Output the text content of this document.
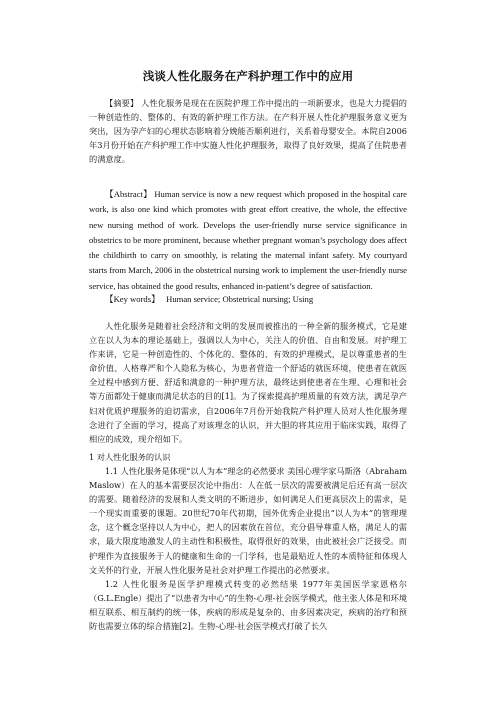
浅谈人性化服务在产科护理工作中的应用

【摘要】 人性化服务是现在在医院护理工作中提出的一项新要求，也是大力提倡的一种创造性的、整体的、有效的新护理工作方法。在产科开展人性化护理服务意义更为突出，因为孕产妇的心理状态影响着分娩能否顺利进行，关系着母婴安全。本院自2006年3月份开始在产科护理工作中实施人性化护理服务，取得了良好效果，提高了住院患者的满意度。

【Abstract】 Human service is now a new request which proposed in the hospital care work, is also one kind which promotes with great effort creative, the whole, the effective new nursing method of work. Develops the user-friendly nurse service significance in obstetrics to be more prominent, because whether pregnant woman’s psychology does affect the childbirth to carry on smoothly, is relating the maternal infant safety. My courtyard starts from March, 2006 in the obstetrical nursing work to implement the user-friendly nurse service, has obtained the good results, enhanced in-patient’s degree of satisfaction.

【Key words】 Human service; Obstetrical nursing; Using

人性化服务是随着社会经济和文明的发展而被推出的一种全新的服务模式，它是建立在以人为本的理论基础上，强调以人为中心，关注人的价值、自由和发展。对护理工作来讲，它是一种创造性的、个体化的、整体的、有效的护理模式，是以尊重患者的生命价值、人格尊严和个人隐私为核心，为患者营造一个舒适的就医环境，使患者在就医全过程中感到方便、舒适和满意的一种护理方法，最终达到使患者在生理、心理和社会等方面都处于健康而满足状态的目的[1]。为了探索提高护理质量的有效方法，满足孕产妇对优质护理服务的迫切需求，自2006年7月份开始我院产科护理人员对人性化服务理念进行了全面的学习，提高了对该理念的认识，并大胆的将其应用于临床实践，取得了相应的成效，现介绍如下。

1 对人性化服务的认识

1.1 人性化服务是体现“以人为本”理念的必然要求 美国心理学家马斯洛（Abraham Maslow）在人的基本需要层次论中指出：人在低一层次的需要被满足后还有高一层次的需要。随着经济的发展和人类文明的不断进步，如何满足人们更高层次上的需求，是一个现实而重要的课题。20世纪70年代初期，国外优秀企业提出“以人为本”的管理理念，这个概念坚持以人为中心，把人的因素放在首位，充分倡导尊重人格，满足人的需求，最大限度地激发人的主动性和积极性，取得很好的效果，由此被社会广泛接受。而护理作为直接服务于人的健康和生命的一门学科，也是最贴近人性的本质特征和体现人文关怀的行业，开展人性化服务是社会对护理工作提出的必然要求。

1.2 人性化服务是医学护理模式转变的必然结果 1977年美国医学家恩格尔（G.L.Engle）提出了“以患者为中心”的生物-心理-社会医学模式，他主张人体是和环境相互联系、相互制约的统一体，疾病的形成是复杂的、由多因素决定，疾病的治疗和预防也需要立体的综合措施[2]。生物-心理-社会医学模式打破了长久
